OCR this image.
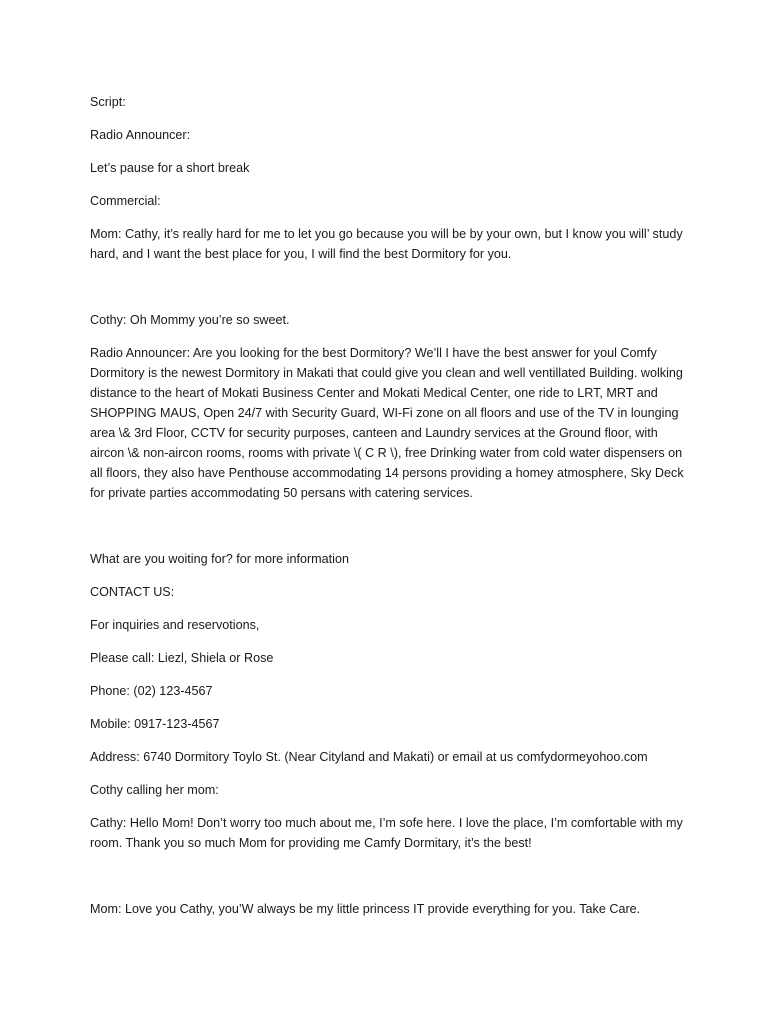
Script:

Radio Announcer:

Let’s pause for a short break

Commercial:

Mom: Cathy, it’s really hard for me to let you go because you will be by your own, but I know you will’ study hard, and I want the best place for you, I will find the best Dormitory for you.

Cothy: Oh Mommy you’re so sweet.

Radio Announcer: Are you looking for the best Dormitory? We’ll I have the best answer for youl Comfy Dormitory is the newest Dormitory in Makati that could give you clean and well ventillated Building. wolking distance to the heart of Mokati Business Center and Mokati Medical Center, one ride to LRT, MRT and SHOPPING MAUS, Open 24/7 with Security Guard, WI-Fi zone on all floors and use of the TV in lounging area \& 3rd Floor, CCTV for security purposes, canteen and Laundry services at the Ground floor, with aircon \& non-aircon rooms, rooms with private \( C R \), free Drinking water from cold water dispensers on all floors, they also have Penthouse accommodating 14 persons providing a homey atmosphere, Sky Deck for private parties accommodating 50 persans with catering services.

What are you woiting for? for more information

CONTACT US:

For inquiries and reservotions,

Please call: Liezl, Shiela or Rose

Phone: (02) 123-4567

Mobile: 0917-123-4567

Address: 6740 Dormitory Toylo St. (Near Cityland and Makati) or email at us comfydormeyohoo.com

Cothy calling her mom:

Cathy: Hello Mom! Don’t worry too much about me, I’m sofe here. I love the place, I’m comfortable with my room. Thank you so much Mom for providing me Camfy Dormitary, it’s the best!

Mom: Love you Cathy, you’W always be my little princess IT provide everything for you. Take Care.
